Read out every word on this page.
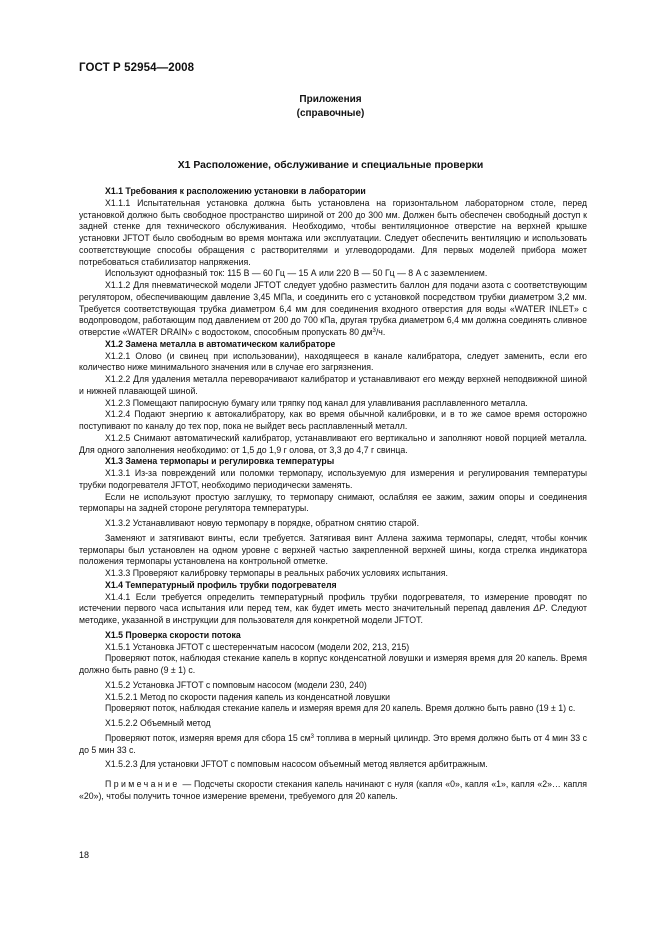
ГОСТ Р 52954—2008
Приложения
(справочные)
X1 Расположение, обслуживание и специальные проверки

X1.1 Требования к расположению установки в лаборатории

X1.1.1 Испытательная установка должна быть установлена на горизонтальном лабораторном столе, перед установкой должно быть свободное пространство шириной от 200 до 300 мм. Должен быть обеспечен свободный доступ к задней стенке для технического обслуживания. Необходимо, чтобы вентиляционное отверстие на верхней крышке установки JFTOT было свободным во время монтажа или эксплуатации. Следует обеспечить вентиляцию и использовать соответствующие способы обращения с растворителями и углеводородами. Для первых моделей прибора может потребоваться стабилизатор напряжения.

Используют однофазный ток: 115 В — 60 Гц — 15 А или 220 В — 50 Гц — 8 А с заземлением.

X1.1.2 Для пневматической модели JFTOT следует удобно разместить баллон для подачи азота с соответствующим регулятором, обеспечивающим давление 3,45 МПа, и соединить его с установкой посредством трубки диаметром 3,2 мм. Требуется соответствующая трубка диаметром 6,4 мм для соединения входного отверстия для воды «WATER INLET» с водопроводом, работающим под давлением от 200 до 700 кПа, другая трубка диаметром 6,4 мм должна соединять сливное отверстие «WATER DRAIN» с водостоком, способным пропускать 80 $дм^3/ч$.

X1.2 Замена металла в автоматическом калибраторе

X1.2.1 Олово (и свинец при использовании), находящееся в канале калибратора, следует заменить, если его количество ниже минимального значения или в случае его загрязнения.

X1.2.2 Для удаления металла переворачивают калибратор и устанавливают его между верхней неподвижной шиной и нижней плавающей шиной.

X1.2.3 Помещают папиросную бумагу или тряпку под канал для улавливания расплавленного металла.

X1.2.4 Подают энергию к автокалибратору, как во время обычной калибровки, и в то же самое время осторожно поступивают по каналу до тех пор, пока не выйдет весь расплавленный металл.

X1.2.5 Снимают автоматический калибратор, устанавливают его вертикально и заполняют новой порцией металла. Для одного заполнения необходимо: от 1,5 до 1,9 г олова, от 3,3 до 4,7 г свинца.

X1.3 Замена термопары и регулировка температуры

X1.3.1 Из-за повреждений или поломки термопару, используемую для измерения и регулирования температуры трубки подогревателя JFTOT, необходимо периодически заменять.

Если не используют простую заглушку, то термопару снимают, ослабляя ее зажим, зажим опоры и соединения термопары на задней стороне регулятора температуры.

X1.3.2 Устанавливают новую термопару в порядке, обратном снятию старой.

Заменяют и затягивают винты, если требуется. Затягивая винт Аллена зажима термопары, следят, чтобы кончик термопары был установлен на одном уровне с верхней частью закрепленной верхней шины, когда стрелка индикатора положения термопары установлена на контрольной отметке.

X1.3.3 Проверяют калибровку термопары в реальных рабочих условиях испытания.

X1.4 Температурный профиль трубки подогревателя

X1.4.1 Если требуется определить температурный профиль трубки подогревателя, то измерение проводят по истечении первого часа испытания или перед тем, как будет иметь место значительный перепад давления ΔP. Следуют методике, указанной в инструкции для пользователя для конкретной модели JFTOT.

X1.5 Проверка скорости потока

X1.5.1 Установка JFTOT с шестеренчатым насосом (модели 202, 213, 215)

Проверяют поток, наблюдая стекание капель в корпус конденсатной ловушки и измеряя время для 20 капель. Время должно быть равно (9 ± 1) с.

X1.5.2 Установка JFTOT с помповым насосом (модели 230, 240)

X1.5.2.1 Метод по скорости падения капель из конденсатной ловушки

Проверяют поток, наблюдая стекание капель и измеряя время для 20 капель. Время должно быть равно (19 ± 1) с.

X1.5.2.2 Объемный метод

Проверяют поток, измеряя время для сбора 15 $см^3$ топлива в мерный цилиндр. Это время должно быть от 4 мин 33 с до 5 мин 33 с.

X1.5.2.3 Для установки JFTOT с помповым насосом объемный метод является арбитражным.

Примечание — Подсчеты скорости стекания капель начинают с нуля (капля «0», капля «1», капля «2»… капля «20»), чтобы получить точное измерение времени, требуемого для 20 капель.

18
